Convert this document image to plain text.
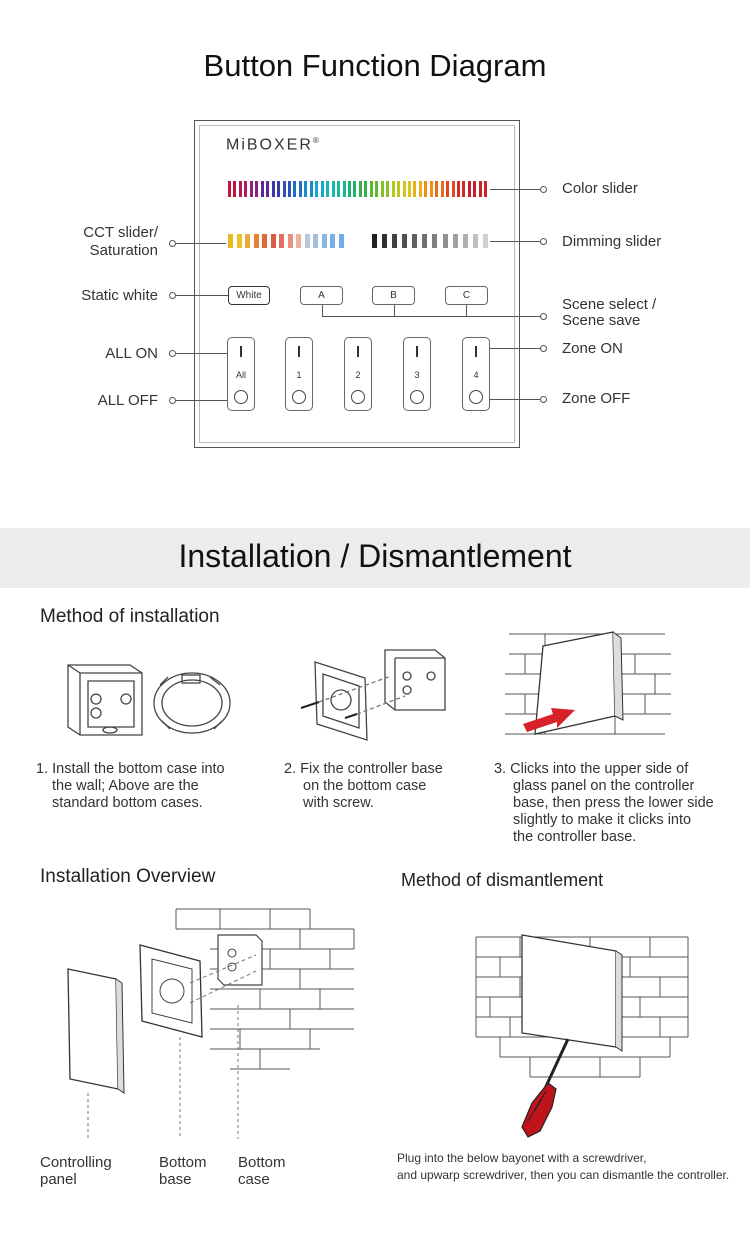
Button Function Diagram
MiBOXER®
White	A	B	C
All	1	2	3	4
Color slider
Dimming slider
Scene select /
Scene save
Zone ON
Zone OFF
CCT slider/
Saturation
Static white
ALL ON
ALL OFF
Installation / Dismantlement
Method of installation
1. Install the bottom case into
the wall; Above are the
standard bottom cases.
2. Fix the controller base
on the bottom case
with screw.
3. Clicks into the upper side of
glass panel on the controller
base, then press the lower side
slightly to make it clicks into
the controller base.
Installation Overview	Method of dismantlement
Controlling
panel
Bottom
base
Bottom
case
Plug into the below bayonet with a screwdriver,
and upwarp screwdriver, then you can dismantle the controller.
